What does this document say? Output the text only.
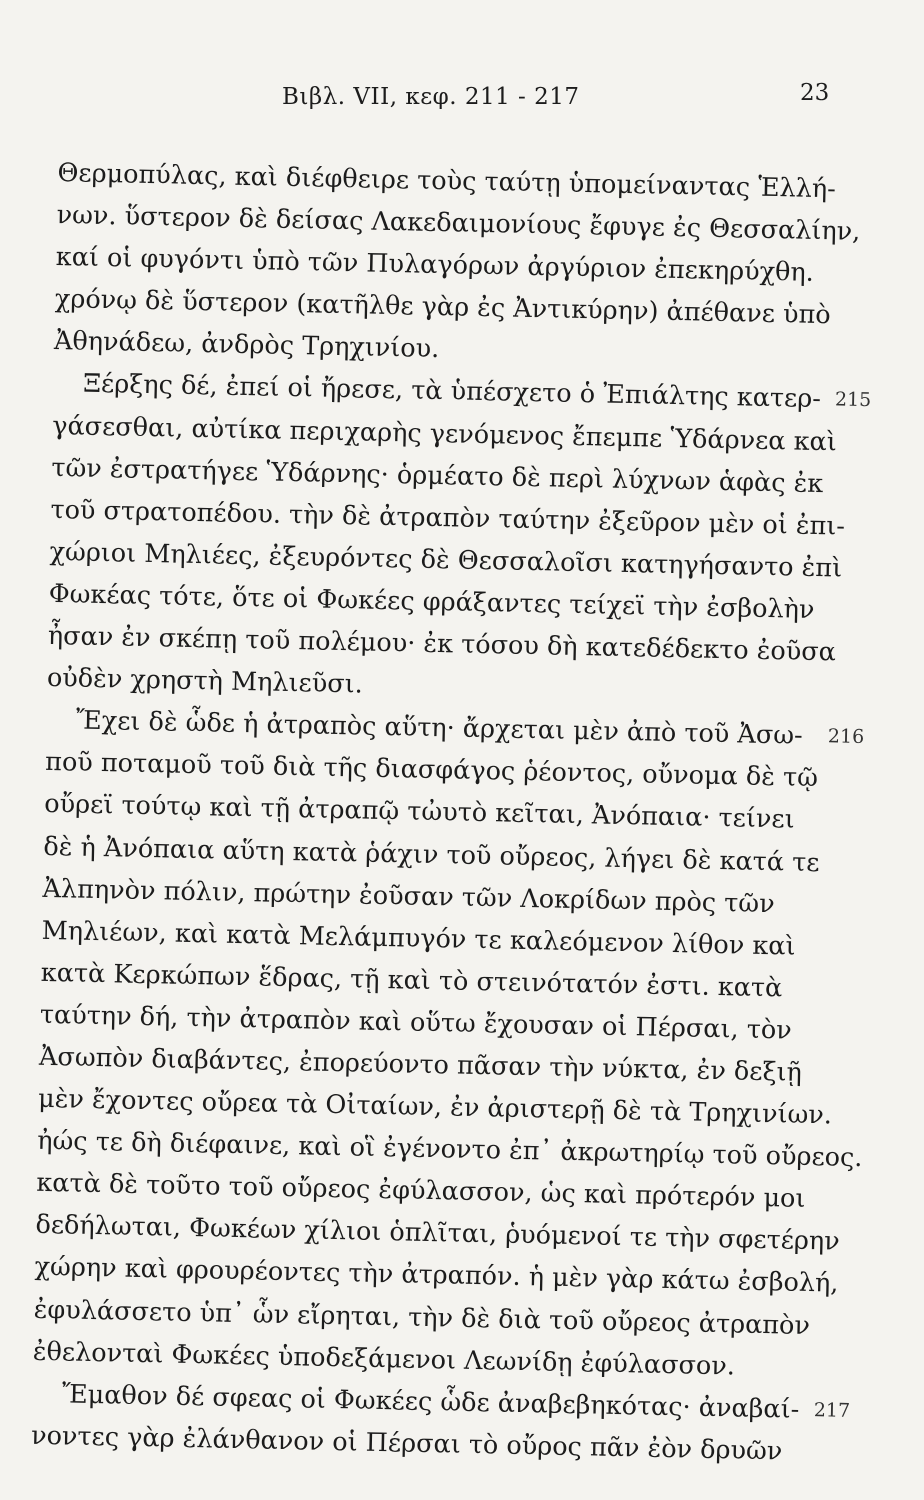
Βιβλ. VII, κεφ. 211 - 217	23
Θερμοπύλας, καὶ διέφθειρε τοὺς ταύτῃ ὑπομείναντας Ἑλλή-
νων. ὕστερον δὲ δείσας Λακεδαιμονίους ἔφυγε ἐς Θεσσαλίην,
καί οἱ φυγόντι ὑπὸ τῶν Πυλαγόρων ἀργύριον ἐπεκηρύχθη.
χρόνῳ δὲ ὕστερον (κατῆλθε γὰρ ἐς Ἀντικύρην) ἀπέθανε ὑπὸ
Ἀθηνάδεω, ἀνδρὸς Τρηχινίου.
Ξέρξης δέ, ἐπεί οἱ ἤρεσε, τὰ ὑπέσχετο ὁ Ἐπιάλτης κατερ- 215
γάσεσθαι, αὐτίκα περιχαρὴς γενόμενος ἔπεμπε Ὑδάρνεα καὶ
τῶν ἐστρατήγεε Ὑδάρνης· ὁρμέατο δὲ περὶ λύχνων ἁφὰς ἐκ
τοῦ στρατοπέδου. τὴν δὲ ἀτραπὸν ταύτην ἐξεῦρον μὲν οἱ ἐπι-
χώριοι Μηλιέες, ἐξευρόντες δὲ Θεσσαλοῖσι κατηγήσαντο ἐπὶ
Φωκέας τότε, ὅτε οἱ Φωκέες φράξαντες τείχεϊ τὴν ἐσβολὴν
ἦσαν ἐν σκέπῃ τοῦ πολέμου· ἐκ τόσου δὴ κατεδέδεκτο ἐοῦσα
οὐδὲν χρηστὴ Μηλιεῦσι.
Ἔχει δὲ ὧδε ἡ ἀτραπὸς αὕτη· ἄρχεται μὲν ἀπὸ τοῦ Ἀσω- 216
ποῦ ποταμοῦ τοῦ διὰ τῆς διασφάγος ῥέοντος, οὔνομα δὲ τῷ
οὔρεϊ τούτῳ καὶ τῇ ἀτραπῷ τὠυτὸ κεῖται, Ἀνόπαια· τείνει
δὲ ἡ Ἀνόπαια αὕτη κατὰ ῥάχιν τοῦ οὔρεος, λήγει δὲ κατά τε
Ἀλπηνὸν πόλιν, πρώτην ἐοῦσαν τῶν Λοκρίδων πρὸς τῶν
Μηλιέων, καὶ κατὰ Μελάμπυγόν τε καλεόμενον λίθον καὶ
κατὰ Κερκώπων ἕδρας, τῇ καὶ τὸ στεινότατόν ἐστι. κατὰ
ταύτην δή, τὴν ἀτραπὸν καὶ οὕτω ἔχουσαν οἱ Πέρσαι, τὸν
Ἀσωπὸν διαβάντες, ἐπορεύοντο πᾶσαν τὴν νύκτα, ἐν δεξιῇ
μὲν ἔχοντες οὔρεα τὰ Οἰταίων, ἐν ἀριστερῇ δὲ τὰ Τρηχινίων.
ἠώς τε δὴ διέφαινε, καὶ οἳ ἐγένοντο ἐπ᾽ ἀκρωτηρίῳ τοῦ οὔρεος.
κατὰ δὲ τοῦτο τοῦ οὔρεος ἐφύλασσον, ὡς καὶ πρότερόν μοι
δεδήλωται, Φωκέων χίλιοι ὁπλῖται, ῥυόμενοί τε τὴν σφετέρην
χώρην καὶ φρουρέοντες τὴν ἀτραπόν. ἡ μὲν γὰρ κάτω ἐσβολή,
ἐφυλάσσετο ὑπ᾽ ὧν εἴρηται, τὴν δὲ διὰ τοῦ οὔρεος ἀτραπὸν
ἐθελονταὶ Φωκέες ὑποδεξάμενοι Λεωνίδῃ ἐφύλασσον.
Ἔμαθον δέ σφεας οἱ Φωκέες ὧδε ἀναβεβηκότας· ἀναβαί- 217
νοντες γὰρ ἐλάνθανον οἱ Πέρσαι τὸ οὔρος πᾶν ἐὸν δρυῶν
